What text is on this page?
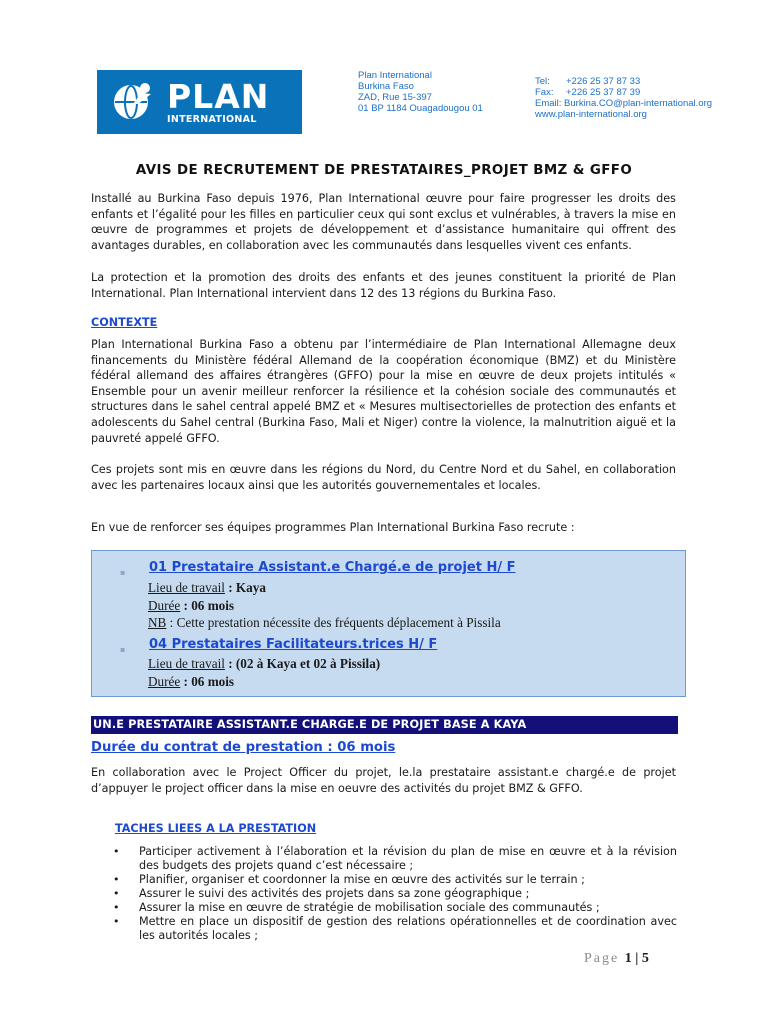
PLAN
INTERNATIONAL
Plan International
Burkina Faso
ZAD, Rue 15-397
01 BP 1184 Ouagadougou 01
Tel: +226 25 37 87 33
Fax: +226 25 37 87 39
Email: Burkina.CO@plan-international.org
www.plan-international.org
AVIS DE RECRUTEMENT DE PRESTATAIRES_PROJET BMZ & GFFO
Installé au Burkina Faso depuis 1976, Plan International œuvre pour faire progresser les droits des enfants et l’égalité pour les filles en particulier ceux qui sont exclus et vulnérables, à travers la mise en œuvre de programmes et projets de développement et d’assistance humanitaire qui offrent des avantages durables, en collaboration avec les communautés dans lesquelles vivent ces enfants.
La protection et la promotion des droits des enfants et des jeunes constituent la priorité de Plan International. Plan International intervient dans 12 des 13 régions du Burkina Faso.
CONTEXTE
Plan International Burkina Faso a obtenu par l’intermédiaire de Plan International Allemagne deux financements du Ministère fédéral Allemand de la coopération économique (BMZ) et du Ministère fédéral allemand des affaires étrangères (GFFO) pour la mise en œuvre de deux projets intitulés « Ensemble pour un avenir meilleur renforcer la résilience et la cohésion sociale des communautés et structures dans le sahel central appelé BMZ et « Mesures multisectorielles de protection des enfants et adolescents du Sahel central (Burkina Faso, Mali et Niger) contre la violence, la malnutrition aiguë et la pauvreté appelé GFFO.
Ces projets sont mis en œuvre dans les régions du Nord, du Centre Nord et du Sahel, en collaboration avec les partenaires locaux ainsi que les autorités gouvernementales et locales.
En vue de renforcer ses équipes programmes Plan International Burkina Faso recrute :
▪ 01 Prestataire Assistant.e Chargé.e de projet H/ F
Lieu de travail : Kaya
Durée : 06 mois
NB : Cette prestation nécessite des fréquents déplacement à Pissila
▪ 04 Prestataires Facilitateurs.trices H/ F
Lieu de travail : (02 à Kaya et 02 à Pissila)
Durée : 06 mois
UN.E PRESTATAIRE ASSISTANT.E CHARGE.E DE PROJET BASE A KAYA
Durée du contrat de prestation : 06 mois
En collaboration avec le Project Officer du projet, le.la prestataire assistant.e chargé.e de projet d’appuyer le project officer dans la mise en oeuvre des activités du projet BMZ & GFFO.
TACHES LIEES A LA PRESTATION
• Participer activement à l’élaboration et la révision du plan de mise en œuvre et à la révision des budgets des projets quand c’est nécessaire ;
• Planifier, organiser et coordonner la mise en œuvre des activités sur le terrain ;
• Assurer le suivi des activités des projets dans sa zone géographique ;
• Assurer la mise en œuvre de stratégie de mobilisation sociale des communautés ;
• Mettre en place un dispositif de gestion des relations opérationnelles et de coordination avec les autorités locales ;
Page 1 | 5
